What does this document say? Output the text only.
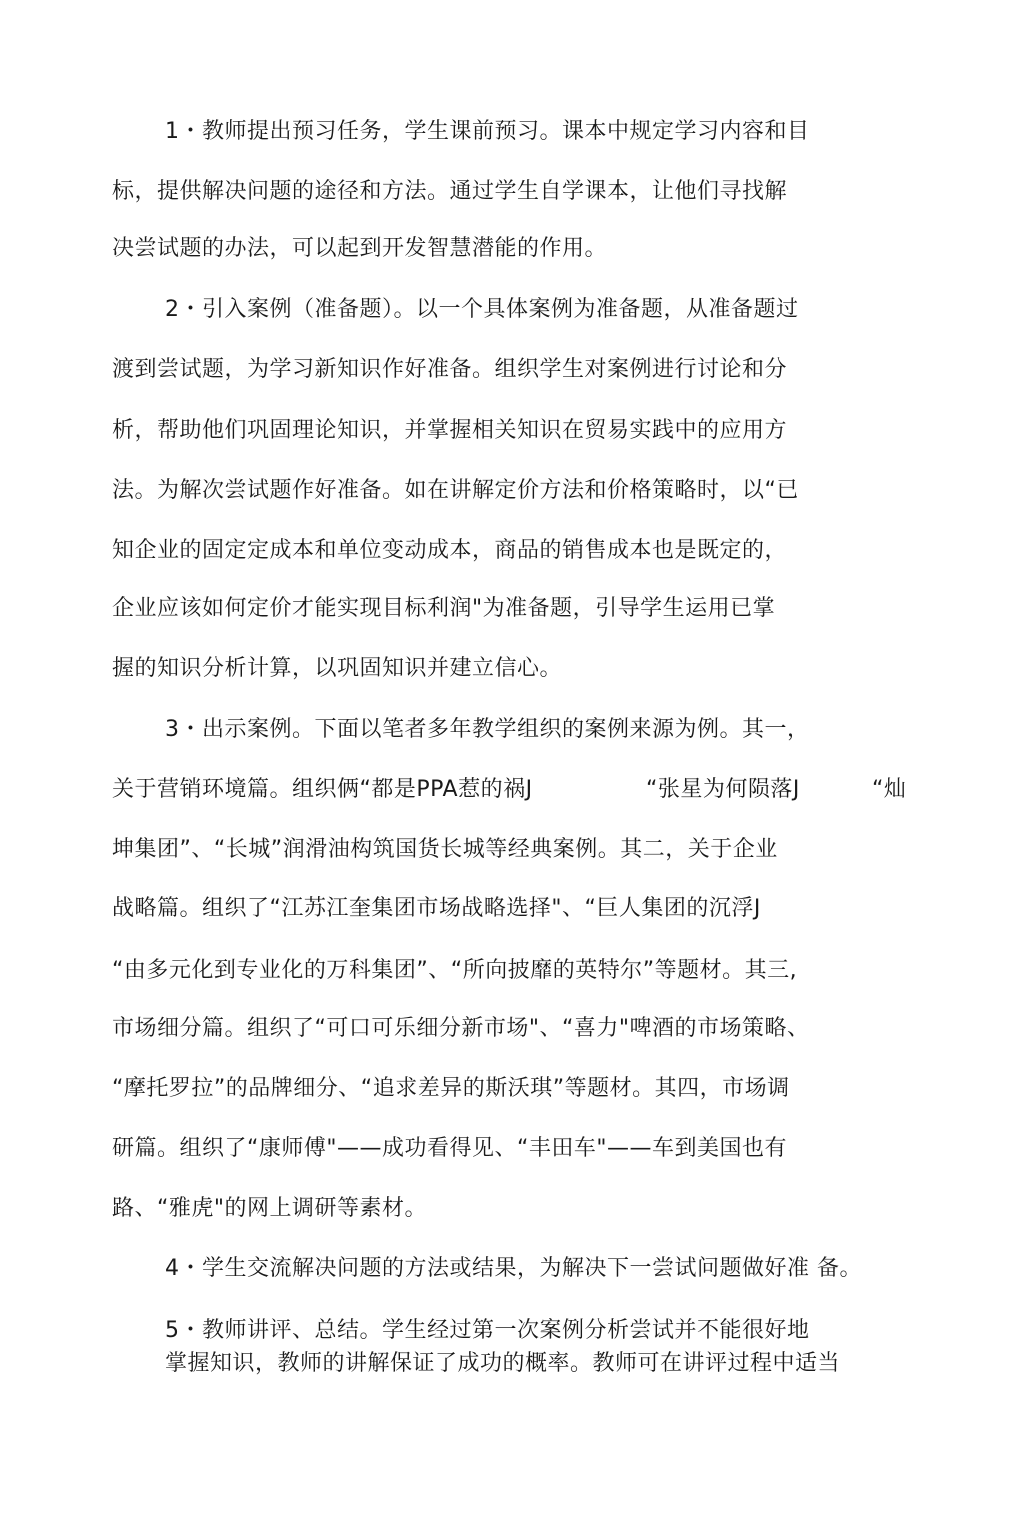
1・教师提出预习任务，学生课前预习。课本中规定学习内容和目
标，提供解决问题的途径和方法。通过学生自学课本，让他们寻找解
决尝试题的办法，可以起到开发智慧潜能的作用。
2・引入案例（准备题）。以一个具体案例为准备题，从准备题过
渡到尝试题，为学习新知识作好准备。组织学生对案例进行讨论和分
析，帮助他们巩固理论知识，并掌握相关知识在贸易实践中的应用方
法。为解次尝试题作好准备。如在讲解定价方法和价格策略时，以“已
知企业的固定定成本和单位变动成本，商品的销售成本也是既定的，
企业应该如何定价才能实现目标利润"为准备题，引导学生运用已掌
握的知识分析计算，以巩固知识并建立信心。
3・出示案例。下面以笔者多年教学组织的案例来源为例。其一，
关于营销环境篇。组织俩“都是PPA惹的祸J	“张星为何陨落J	“灿
坤集团”、“长城”润滑油构筑国货长城等经典案例。其二，关于企业
战略篇。组织了“江苏江奎集团市场战略选择"、“巨人集团的沉浮J
“由多元化到专业化的万科集团”、“所向披靡的英特尔”等题材。其三,
市场细分篇。组织了“可口可乐细分新市场"、“喜力"啤酒的市场策略、
“摩托罗拉”的品牌细分、“追求差异的斯沃琪”等题材。其四，市场调
研篇。组织了“康师傅"——成功看得见、“丰田车"——车到美国也有
路、“雅虎"的网上调研等素材。
4・学生交流解决问题的方法或结果，为解决下一尝试问题做好准 备。
5・教师讲评、总结。学生经过第一次案例分析尝试并不能很好地
掌握知识，教师的讲解保证了成功的概率。教师可在讲评过程中适当
